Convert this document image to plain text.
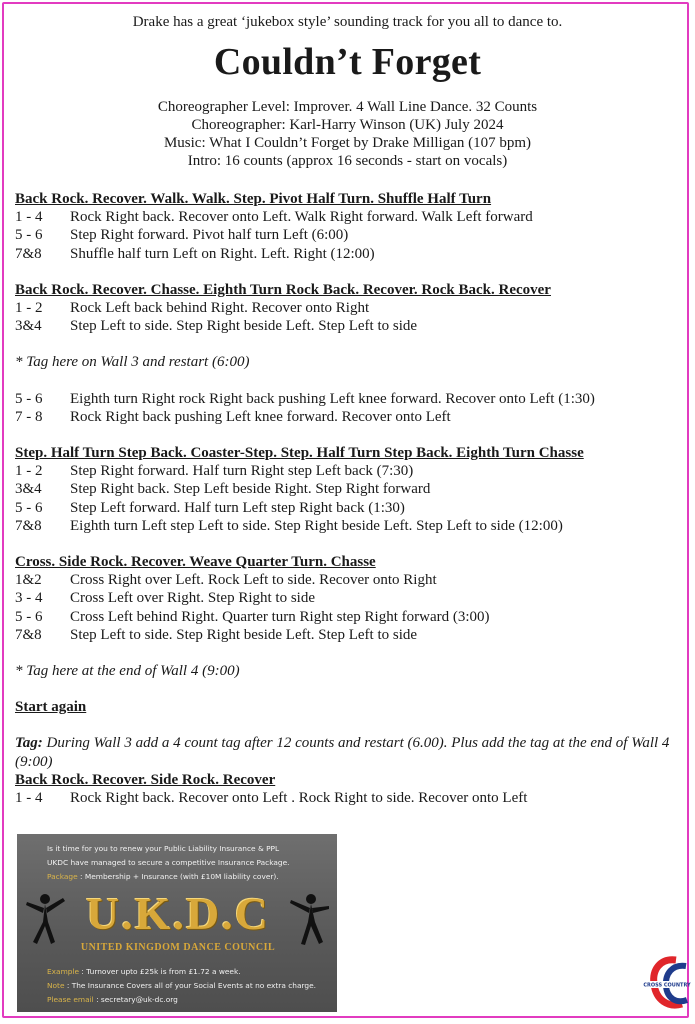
Drake has a great ‘jukebox style’ sounding track for you all to dance to.
Couldn’t Forget
Choreographer Level: Improver. 4 Wall Line Dance. 32 Counts
Choreographer: Karl-Harry Winson (UK) July 2024
Music: What I Couldn’t Forget by Drake Milligan (107 bpm)
Intro: 16 counts (approx 16 seconds - start on vocals)
Back Rock. Recover. Walk. Walk. Step. Pivot Half Turn. Shuffle Half Turn
1 - 4	Rock Right back. Recover onto Left. Walk Right forward. Walk Left forward
5 - 6	Step Right forward. Pivot half turn Left (6:00)
7&8	Shuffle half turn Left on Right. Left. Right (12:00)
Back Rock. Recover. Chasse. Eighth Turn Rock Back. Recover. Rock Back. Recover
1 - 2	Rock Left back behind Right. Recover onto Right
3&4	Step Left to side. Step Right beside Left. Step Left to side
* Tag here on Wall 3 and restart (6:00)
5 - 6	Eighth turn Right rock Right back pushing Left knee forward. Recover onto Left (1:30)
7 - 8	Rock Right back pushing Left knee forward. Recover onto Left
Step. Half Turn Step Back. Coaster-Step. Step. Half Turn Step Back. Eighth Turn Chasse
1 - 2	Step Right forward. Half turn Right step Left back (7:30)
3&4	Step Right back. Step Left beside Right. Step Right forward
5 - 6	Step Left forward. Half turn Left step Right back (1:30)
7&8	Eighth turn Left step Left to side. Step Right beside Left. Step Left to side (12:00)
Cross. Side Rock. Recover. Weave Quarter Turn. Chasse
1&2	Cross Right over Left. Rock Left to side. Recover onto Right
3 - 4	Cross Left over Right. Step Right to side
5 - 6	Cross Left behind Right. Quarter turn Right step Right forward (3:00)
7&8	Step Left to side. Step Right beside Left. Step Left to side
* Tag here at the end of Wall 4 (9:00)
Start again
Tag: During Wall 3 add a 4 count tag after 12 counts and restart (6.00). Plus add the tag at the end of Wall 4 (9:00)
Back Rock. Recover. Side Rock. Recover
1 - 4	Rock Right back. Recover onto Left . Rock Right to side. Recover onto Left
Is it time for you to renew your Public Liability Insurance & PPL
UKDC have managed to secure a competitive Insurance Package.
Package : Membership + Insurance (with £10M liability cover).
U.K.D.C
UNITED KINGDOM DANCE COUNCIL
Example : Turnover upto £25k is from £1.72 a week.
Note : The Insurance Covers all of your Social Events at no extra charge.
Please email : secretary@uk-dc.org
CROSS COUNTRY
